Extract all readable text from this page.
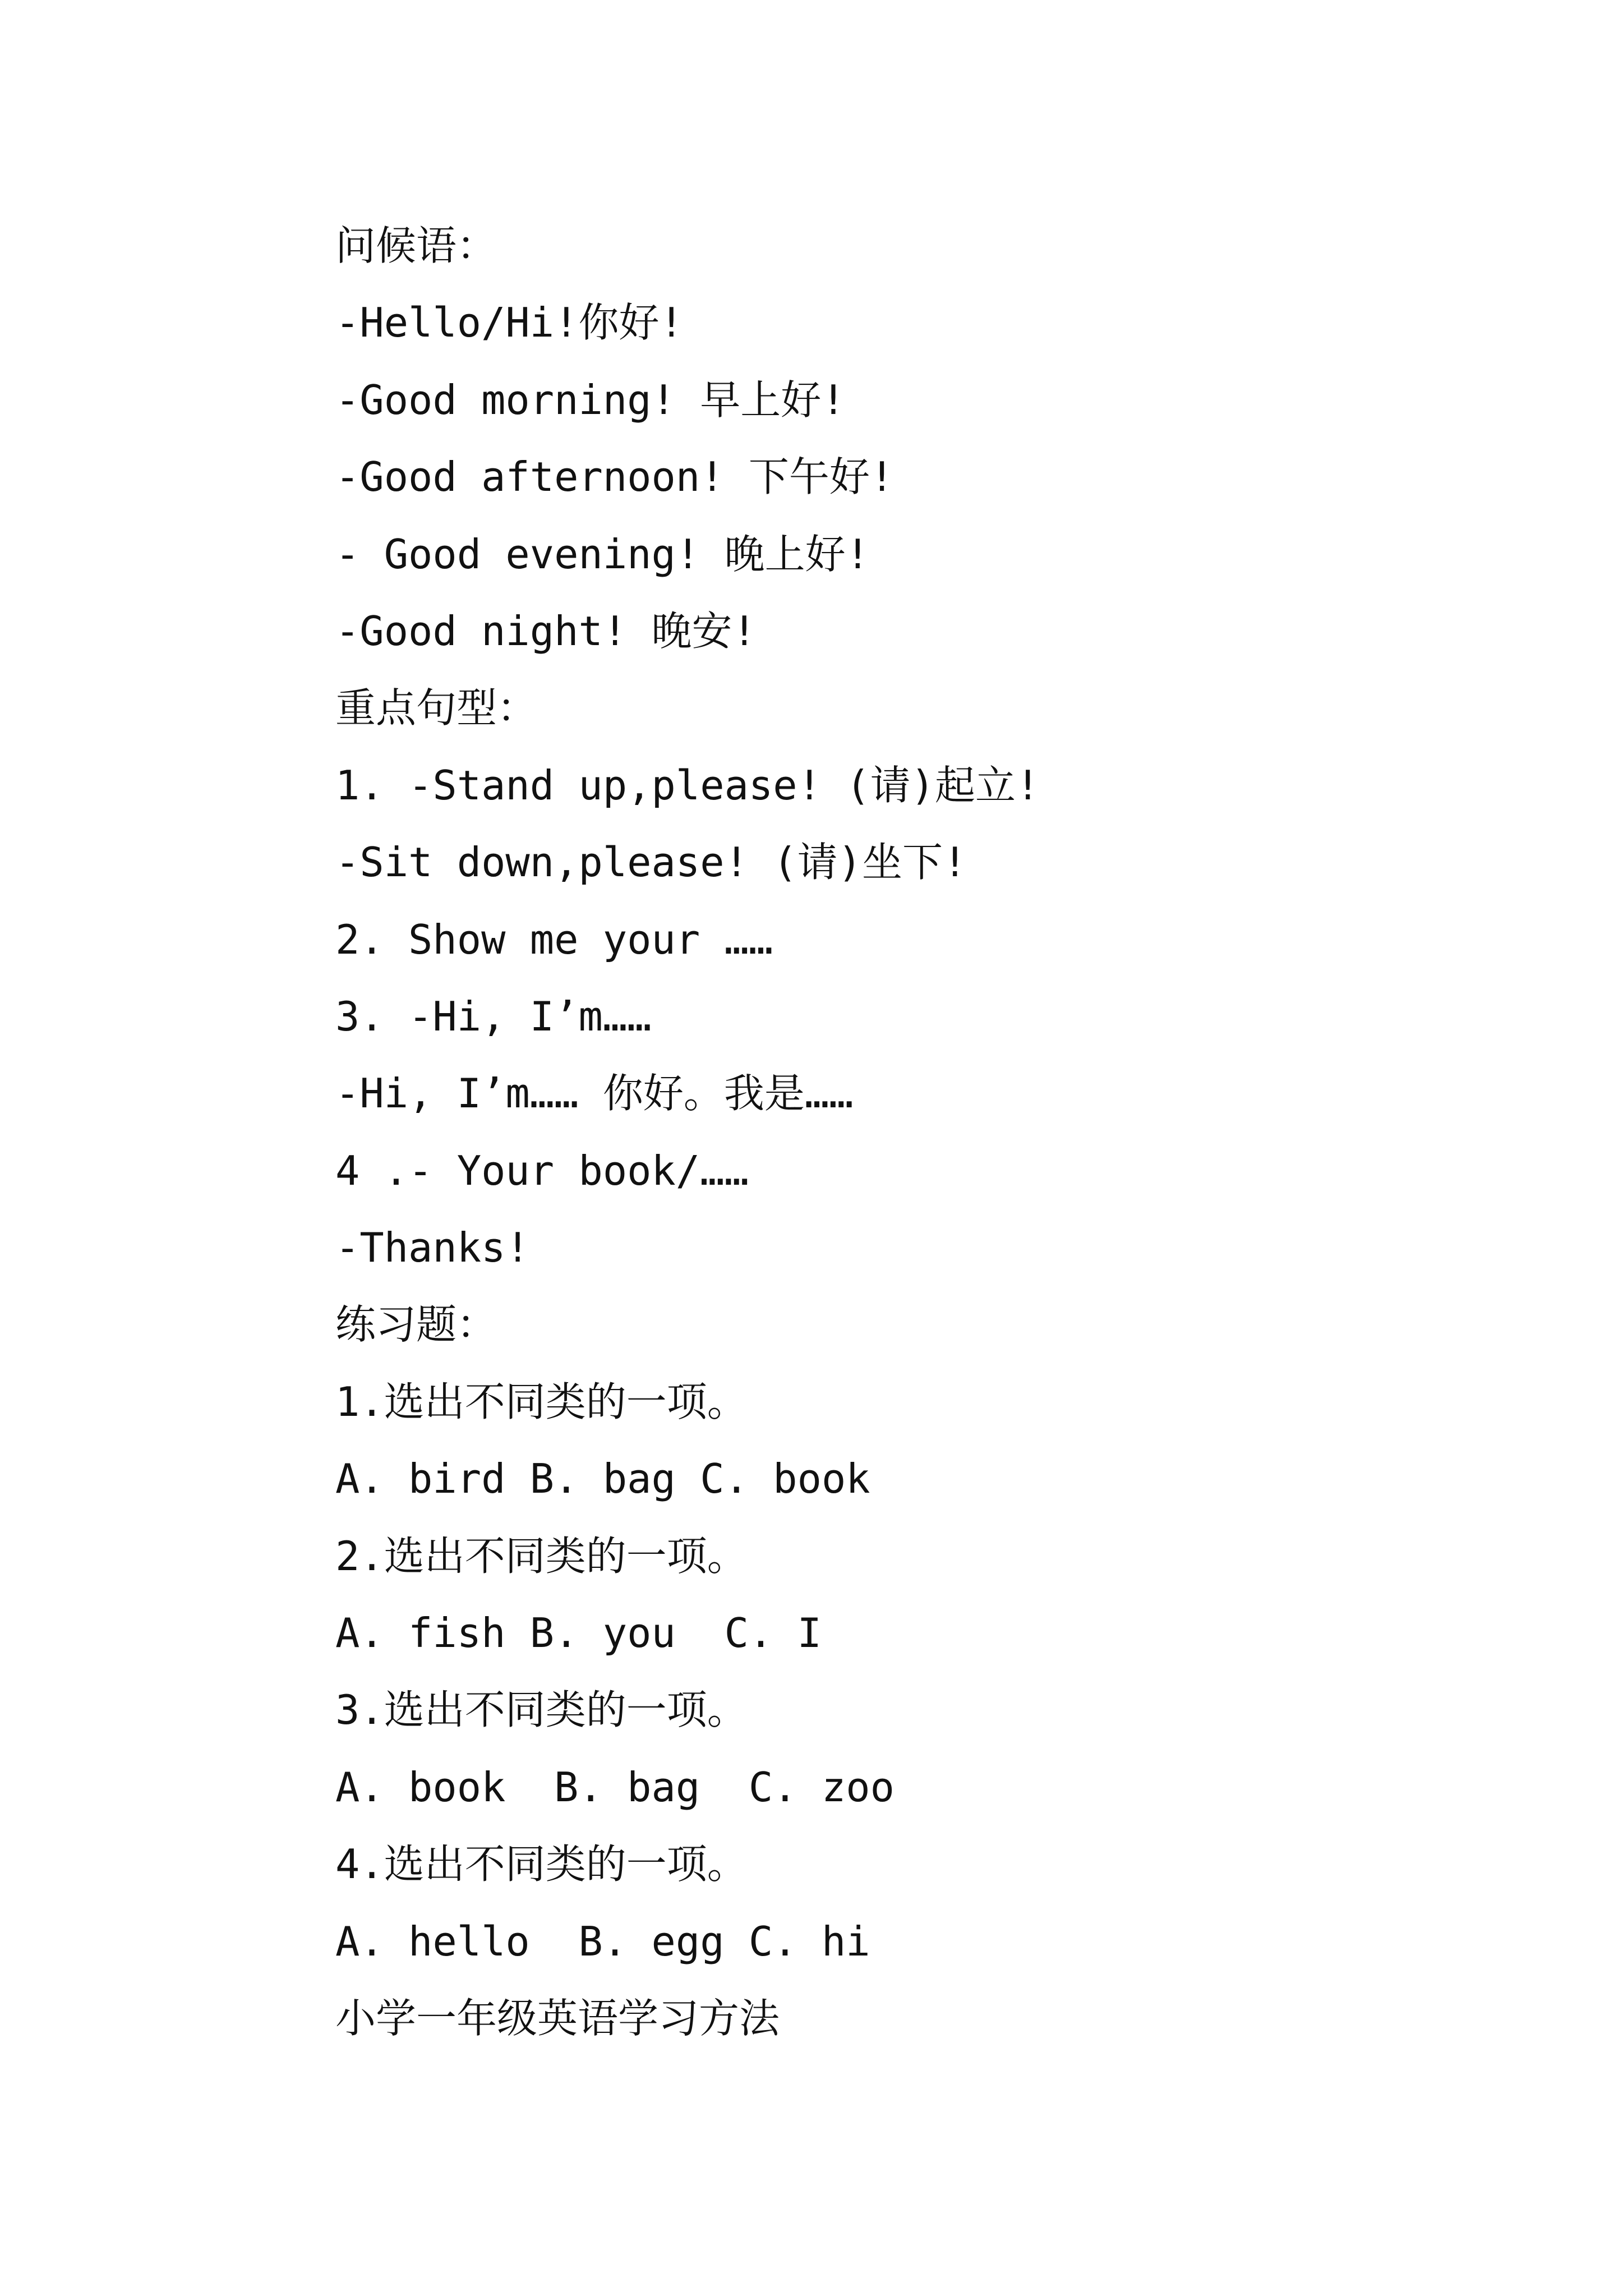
问候语：
-Hello/Hi!你好!
-Good morning! 早上好!
-Good afternoon! 下午好!
- Good evening! 晚上好!
-Good night! 晚安!
重点句型：
1. -Stand up,please! (请)起立!
-Sit down,please! (请)坐下!
2. Show me your ……
3. -Hi, I’m……
-Hi, I’m…… 你好。我是……
4 .- Your book/……
-Thanks!
练习题：
1.选出不同类的一项。
A. bird B. bag C. book
2.选出不同类的一项。
A. fish B. you  C. I
3.选出不同类的一项。
A. book  B. bag  C. zoo
4.选出不同类的一项。
A. hello  B. egg C. hi
小学一年级英语学习方法
